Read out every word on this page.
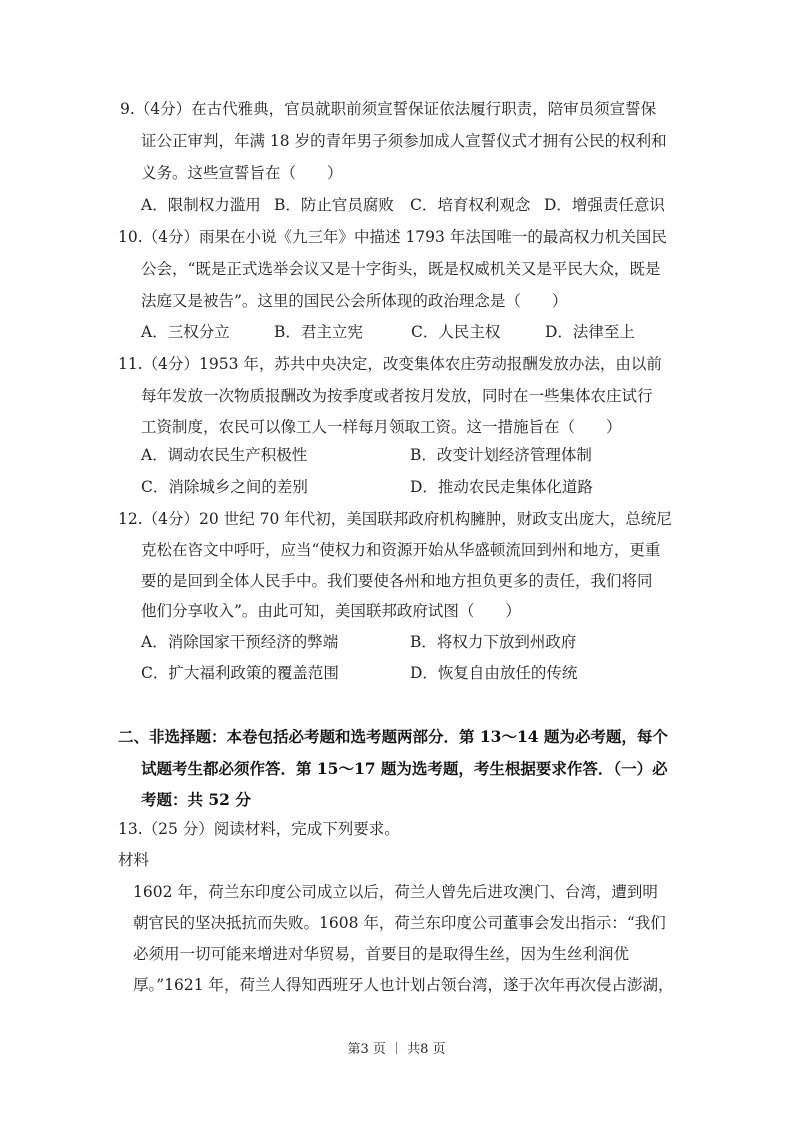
9.（4分）在古代雅典，官员就职前须宣誓保证依法履行职责，陪审员须宣誓保
证公正审判，年满 18 岁的青年男子须参加成人宣誓仪式才拥有公民的权利和
义务。这些宣誓旨在（　　）
A．限制权力滥用 B．防止官员腐败 C．培育权利观念 D．增强责任意识
10.（4分）雨果在小说《九三年》中描述 1793 年法国唯一的最高权力机关国民
公会，“既是正式选举会议又是十字街头，既是权威机关又是平民大众，既是
法庭又是被告”。这里的国民公会所体现的政治理念是（　　）
A．三权分立	B．君主立宪	C．人民主权	D．法律至上
11.（4分）1953 年，苏共中央决定，改变集体农庄劳动报酬发放办法，由以前
每年发放一次物质报酬改为按季度或者按月发放，同时在一些集体农庄试行
工资制度，农民可以像工人一样每月领取工资。这一措施旨在（　　）
A．调动农民生产积极性	B．改变计划经济管理体制
C．消除城乡之间的差别	D．推动农民走集体化道路
12.（4分）20 世纪 70 年代初，美国联邦政府机构臃肿，财政支出庞大，总统尼
克松在咨文中呼吁，应当“使权力和资源开始从华盛顿流回到州和地方，更重
要的是回到全体人民手中。我们要使各州和地方担负更多的责任，我们将同
他们分享收入”。由此可知，美国联邦政府试图（　　）
A．消除国家干预经济的弊端	B．将权力下放到州政府
C．扩大福利政策的覆盖范围	D．恢复自由放任的传统
二、非选择题：本卷包括必考题和选考题两部分．第 13～14 题为必考题，每个
试题考生都必须作答．第 15～17 题为选考题，考生根据要求作答．（一）必
考题：共 52 分
13.（25 分）阅读材料，完成下列要求。
材料
1602 年，荷兰东印度公司成立以后，荷兰人曾先后进攻澳门、台湾，遭到明
朝官民的坚决抵抗而失败。1608 年，荷兰东印度公司董事会发出指示：“我们
必须用一切可能来增进对华贸易，首要目的是取得生丝，因为生丝利润优
厚。”1621 年，荷兰人得知西班牙人也计划占领台湾，遂于次年再次侵占澎湖，
第3 页 ｜ 共8 页
